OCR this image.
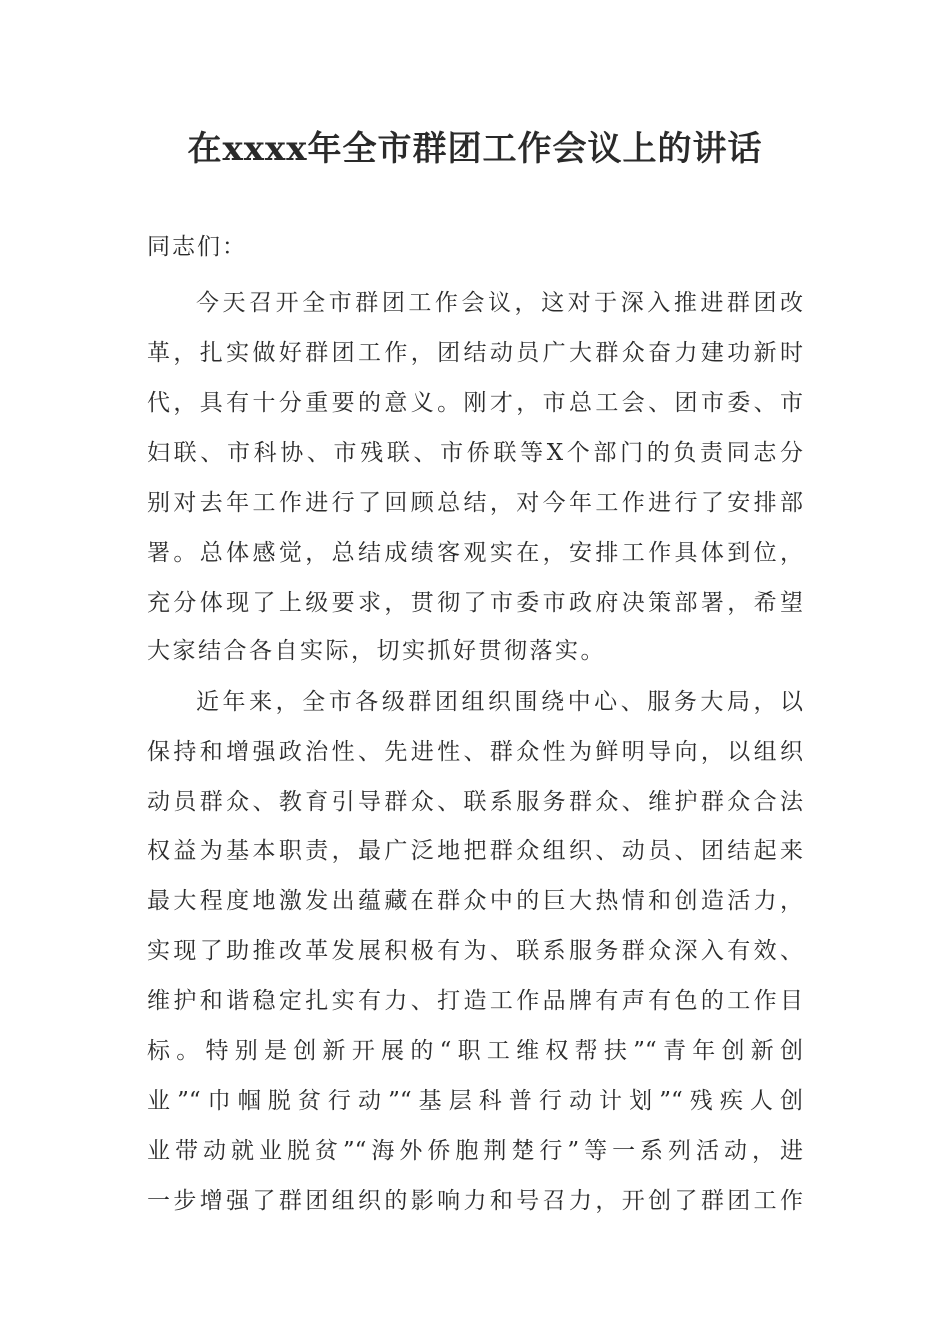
在xxxx年全市群团工作会议上的讲话
同志们：
今天召开全市群团工作会议，这对于深入推进群团改
革，扎实做好群团工作，团结动员广大群众奋力建功新时
代，具有十分重要的意义。刚才，市总工会、团市委、市
妇联、市科协、市残联、市侨联等X个部门的负责同志分
别对去年工作进行了回顾总结，对今年工作进行了安排部
署。总体感觉，总结成绩客观实在，安排工作具体到位，
充分体现了上级要求，贯彻了市委市政府决策部署，希望
大家结合各自实际，切实抓好贯彻落实。
近年来，全市各级群团组织围绕中心、服务大局，以
保持和增强政治性、先进性、群众性为鲜明导向，以组织
动员群众、教育引导群众、联系服务群众、维护群众合法
权益为基本职责，最广泛地把群众组织、动员、团结起来
最大程度地激发出蕴藏在群众中的巨大热情和创造活力，
实现了助推改革发展积极有为、联系服务群众深入有效、
维护和谐稳定扎实有力、打造工作品牌有声有色的工作目
标。特别是创新开展的“职工维权帮扶”“青年创新创
业”“巾帼脱贫行动”“基层科普行动计划”“残疾人创
业带动就业脱贫”“海外侨胞荆楚行”等一系列活动，进
一步增强了群团组织的影响力和号召力，开创了群团工作
